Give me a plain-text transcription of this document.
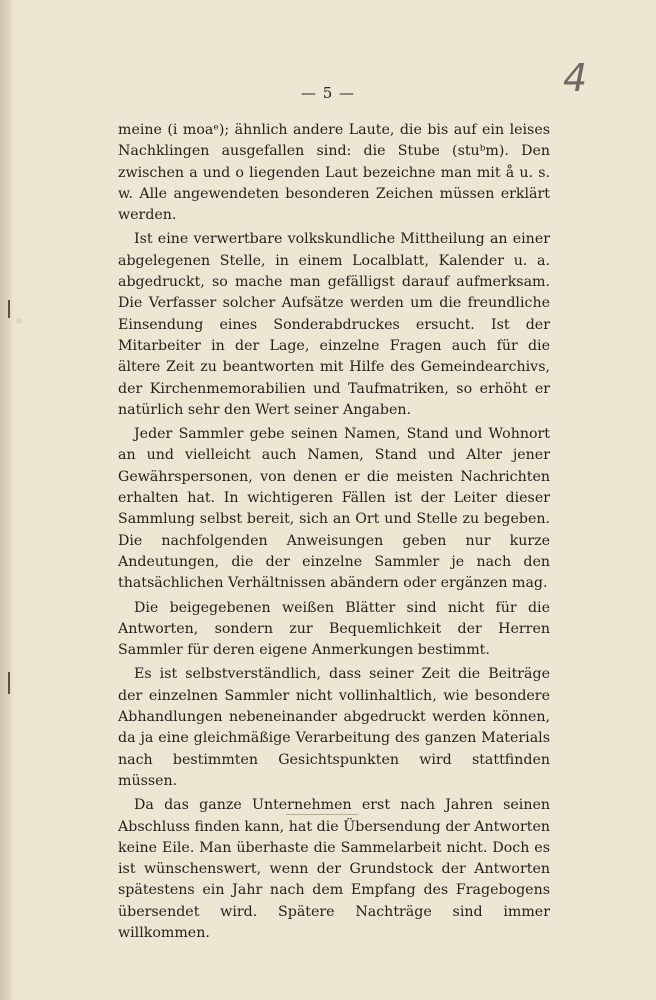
— 5 —	4

meine (i moaᵉ); ähnlich andere Laute, die bis auf ein leises Nachklingen ausgefallen sind: die Stube (stuᵇm). Den zwischen a und o liegenden Laut bezeichne man mit å u. s. w. Alle angewendeten besonderen Zeichen müssen erklärt werden.

Ist eine verwertbare volkskundliche Mittheilung an einer abgelegenen Stelle, in einem Localblatt, Kalender u. a. abgedruckt, so mache man gefälligst darauf aufmerksam. Die Verfasser solcher Aufsätze werden um die freundliche Einsendung eines Sonderabdruckes ersucht. Ist der Mitarbeiter in der Lage, einzelne Fragen auch für die ältere Zeit zu beantworten mit Hilfe des Gemeindearchivs, der Kirchenmemorabilien und Taufmatriken, so erhöht er natürlich sehr den Wert seiner Angaben.

Jeder Sammler gebe seinen Namen, Stand und Wohnort an und vielleicht auch Namen, Stand und Alter jener Gewährspersonen, von denen er die meisten Nachrichten erhalten hat. In wichtigeren Fällen ist der Leiter dieser Sammlung selbst bereit, sich an Ort und Stelle zu begeben. Die nachfolgenden Anweisungen geben nur kurze Andeutungen, die der einzelne Sammler je nach den thatsächlichen Verhältnissen abändern oder ergänzen mag.

Die beigegebenen weißen Blätter sind nicht für die Antworten, sondern zur Bequemlichkeit der Herren Sammler für deren eigene Anmerkungen bestimmt.

Es ist selbstverständlich, dass seiner Zeit die Beiträge der einzelnen Sammler nicht vollinhaltlich, wie besondere Abhandlungen nebeneinander abgedruckt werden können, da ja eine gleichmäßige Verarbeitung des ganzen Materials nach bestimmten Gesichtspunkten wird stattfinden müssen.

Da das ganze Unternehmen erst nach Jahren seinen Abschluss finden kann, hat die Übersendung der Antworten keine Eile. Man überhaste die Sammelarbeit nicht. Doch es ist wünschenswert, wenn der Grundstock der Antworten spätestens ein Jahr nach dem Empfang des Fragebogens übersendet wird. Spätere Nachträge sind immer willkommen.
